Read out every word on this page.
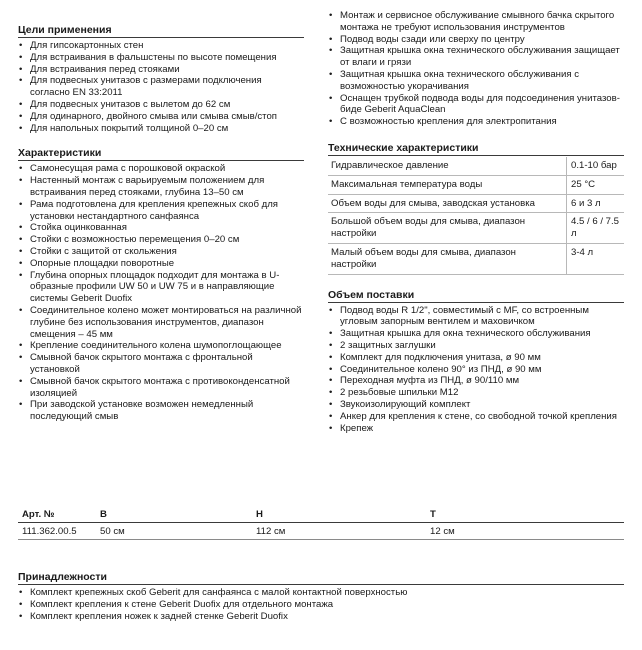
Цели применения
• Для гипсокартонных стен
• Для встраивания в фальшстены по высоте помещения
• Для встраивания перед стояками
• Для подвесных унитазов с размерами подключения согласно EN 33:2011
• Для подвесных унитазов с вылетом до 62 см
• Для одинарного, двойного смыва или смыва смыв/стоп
• Для напольных покрытий толщиной 0–20 см
Характеристики
• Самонесущая рама с порошковой окраской
• Настенный монтаж с варьируемым положением для встраивания перед стояками, глубина 13–50 см
• Рама подготовлена для крепления крепежных скоб для установки нестандартного санфаянса
• Стойка оцинкованная
• Стойки с возможностью перемещения 0–20 см
• Стойки с защитой от скольжения
• Опорные площадки поворотные
• Глубина опорных площадок подходит для монтажа в U-образные профили UW 50 и UW 75 и в направляющие системы Geberit Duofix
• Соединительное колено может монтироваться на различной глубине без использования инструментов, диапазон смещения – 45 мм
• Крепление соединительного колена шумопоглощающее
• Смывной бачок скрытого монтажа с фронтальной установкой
• Смывной бачок скрытого монтажа с противоконденсатной изоляцией
• При заводской установке возможен немедленный последующий смыв
• Монтаж и сервисное обслуживание смывного бачка скрытого монтажа не требуют использования инструментов
• Подвод воды сзади или сверху по центру
• Защитная крышка окна технического обслуживания защищает от влаги и грязи
• Защитная крышка окна технического обслуживания с возможностью укорачивания
• Оснащен трубкой подвода воды для подсоединения унитазов-биде Geberit AquaClean
• С возможностью крепления для электропитания
Технические характеристики
Гидравлическое давление	0.1-10 бар
Максимальная температура воды	25 °C
Объем воды для смыва, заводская установка	6 и 3 л
Большой объем воды для смыва, диапазон настройки	4.5 / 6 / 7.5 л
Малый объем воды для смыва, диапазон настройки	3-4 л
Объем поставки
• Подвод воды R 1/2", совместимый с MF, со встроенным угловым запорным вентилем и маховичком
• Защитная крышка для окна технического обслуживания
• 2 защитных заглушки
• Комплект для подключения унитаза, ø 90 мм
• Соединительное колено 90° из ПНД, ø 90 мм
• Переходная муфта из ПНД, ø 90/110 мм
• 2 резьбовые шпильки M12
• Звукоизолирующий комплект
• Анкер для крепления к стене, со свободной точкой крепления
• Крепеж
Арт. №	B	H	T
111.362.00.5 50 см	112 см	12 см
Принадлежности
• Комплект крепежных скоб Geberit для санфаянса с малой контактной поверхностью
• Комплект крепления к стене Geberit Duofix для отдельного монтажа
• Комплект крепления ножек к задней стенке Geberit Duofix
